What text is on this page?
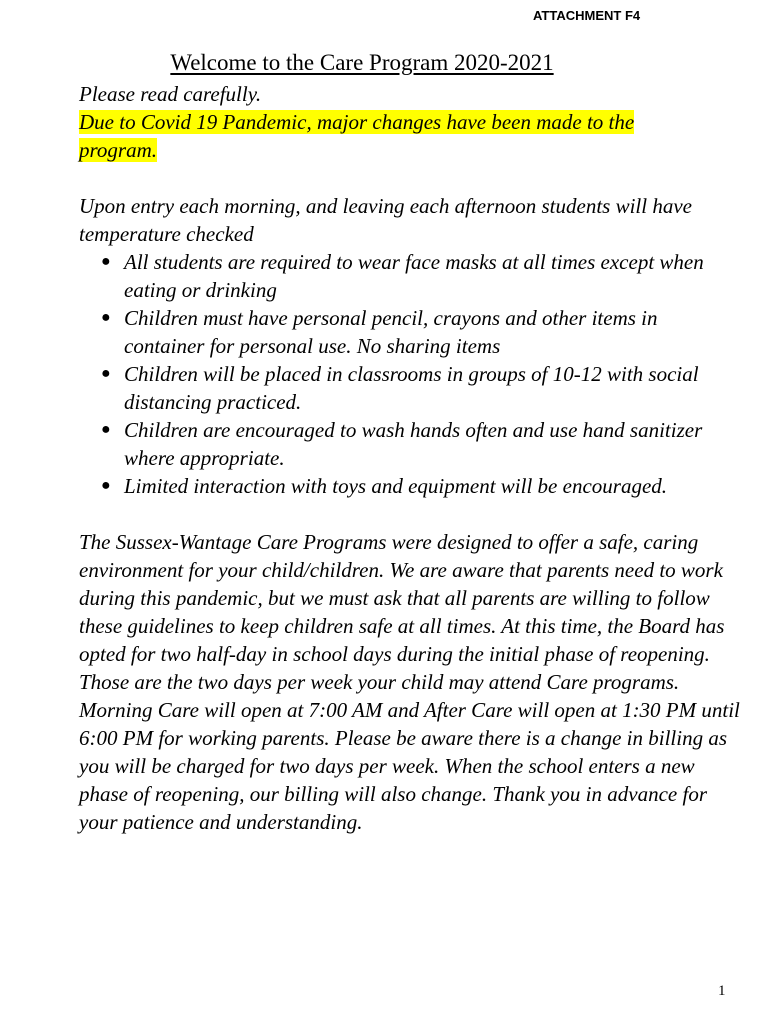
ATTACHMENT F4
Welcome to the Care Program 2020-2021

Please read carefully.

Due to Covid 19 Pandemic, major changes have been made to the program.

Upon entry each morning, and leaving each afternoon students will have temperature checked

● All students are required to wear face masks at all times except when eating or drinking
● Children must have personal pencil, crayons and other items in container for personal use. No sharing items
● Children will be placed in classrooms in groups of 10-12 with social distancing practiced.
● Children are encouraged to wash hands often and use hand sanitizer where appropriate.
● Limited interaction with toys and equipment will be encouraged.

The Sussex-Wantage Care Programs were designed to offer a safe, caring environment for your child/children. We are aware that parents need to work during this pandemic, but we must ask that all parents are willing to follow these guidelines to keep children safe at all times. At this time, the Board has opted for two half-day in school days during the initial phase of reopening. Those are the two days per week your child may attend Care programs. Morning Care will open at 7:00 AM and After Care will open at 1:30 PM until 6:00 PM for working parents. Please be aware there is a change in billing as you will be charged for two days per week. When the school enters a new phase of reopening, our billing will also change. Thank you in advance for your patience and understanding.

1
